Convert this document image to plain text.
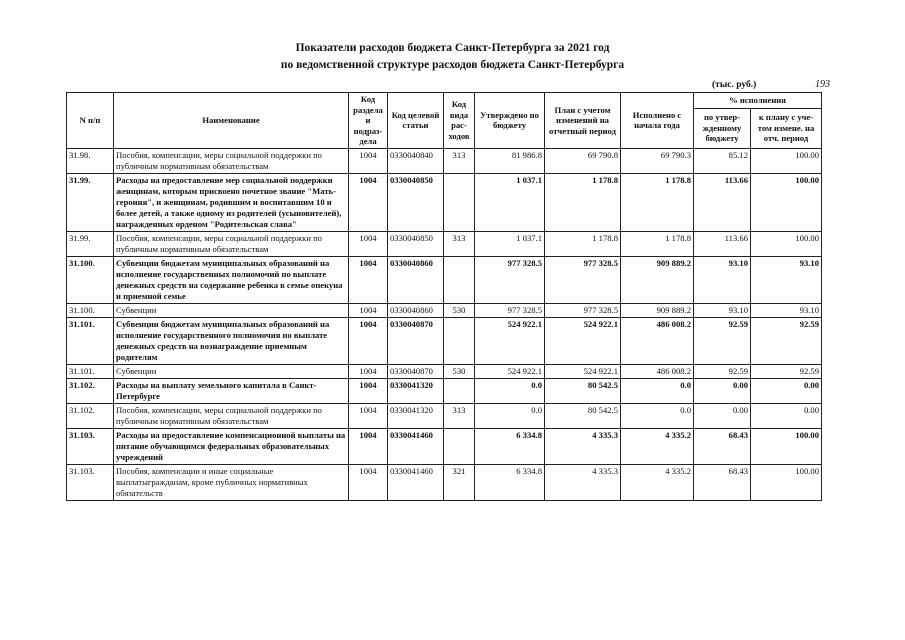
Показатели расходов бюджета Санкт-Петербурга за 2021 год
по ведомственной структуре расходов бюджета Санкт-Петербурга
(тыс. руб.)	193
N п/п	Наименование	Код раздела и подраз-дела	Код целевой статьи	Код вида рас-ходов	Утверждено по бюджету	План с учетом изменений на отчетный период	Исполнено с начала года	% исполнения	
								по утвер-жденному бюджету	к плану с уче-том измене. на отч. период
31.98.	Пособия, компенсации, меры социальной поддержки по публичным нормативным обязательствам	1004	0330040840	313	81 986.8	69 790.8	69 790.3	85.12	100.00
31.99.	Расходы на предоставление мер социальной поддержки женщинам, которым присвоено почетное звание "Мать-героиня", и женщинам, родившим и воспитавшим 10 и более детей, а также одному из родителей (усыновителей), награжденных орденом "Родительская слава"	1004	0330040850		1 037.1	1 178.8	1 178.8	113.66	100.00
31.99.	Пособия, компенсации, меры социальной поддержки по публичным нормативным обязательствам	1004	0330040850	313	1 037.1	1 178.8	1 178.8	113.66	100.00
31.100.	Субвенции бюджетам муниципальных образований на исполнение государственных полномочий по выплате денежных средств на содержание ребенка в семье опекуна и приемной семье	1004	0330040860		977 328.5	977 328.5	909 889.2	93.10	93.10
31.100.	Субвенции	1004	0330040860	530	977 328.5	977 328.5	909 889.2	93.10	93.10
31.101.	Субвенции бюджетам муниципальных образований на исполнение государственного полномочия по выплате денежных средств на вознаграждение приемным родителям	1004	0330040870		524 922.1	524 922.1	486 008.2	92.59	92.59
31.101.	Субвенции	1004	0330040870	530	524 922.1	524 922.1	486 008.2	92.59	92.59
31.102.	Расходы на выплату земельного капитала в Санкт-Петербурге	1004	0330041320		0.0	80 542.5	0.0	0.00	0.00
31.102.	Пособия, компенсации, меры социальной поддержки по публичным нормативным обязательствам	1004	0330041320	313	0.0	80 542.5	0.0	0.00	0.00
31.103.	Расходы на предоставление компенсационной выплаты на питание обучающимся федеральных образовательных учреждений	1004	0330041460		6 334.8	4 335.3	4 335.2	68.43	100.00
31.103.	Пособия, компенсации и иные социальные выплатыгражданам, кроме публичных нормативных обязательств	1004	0330041460	321	6 334.8	4 335.3	4 335.2	68.43	100.00
